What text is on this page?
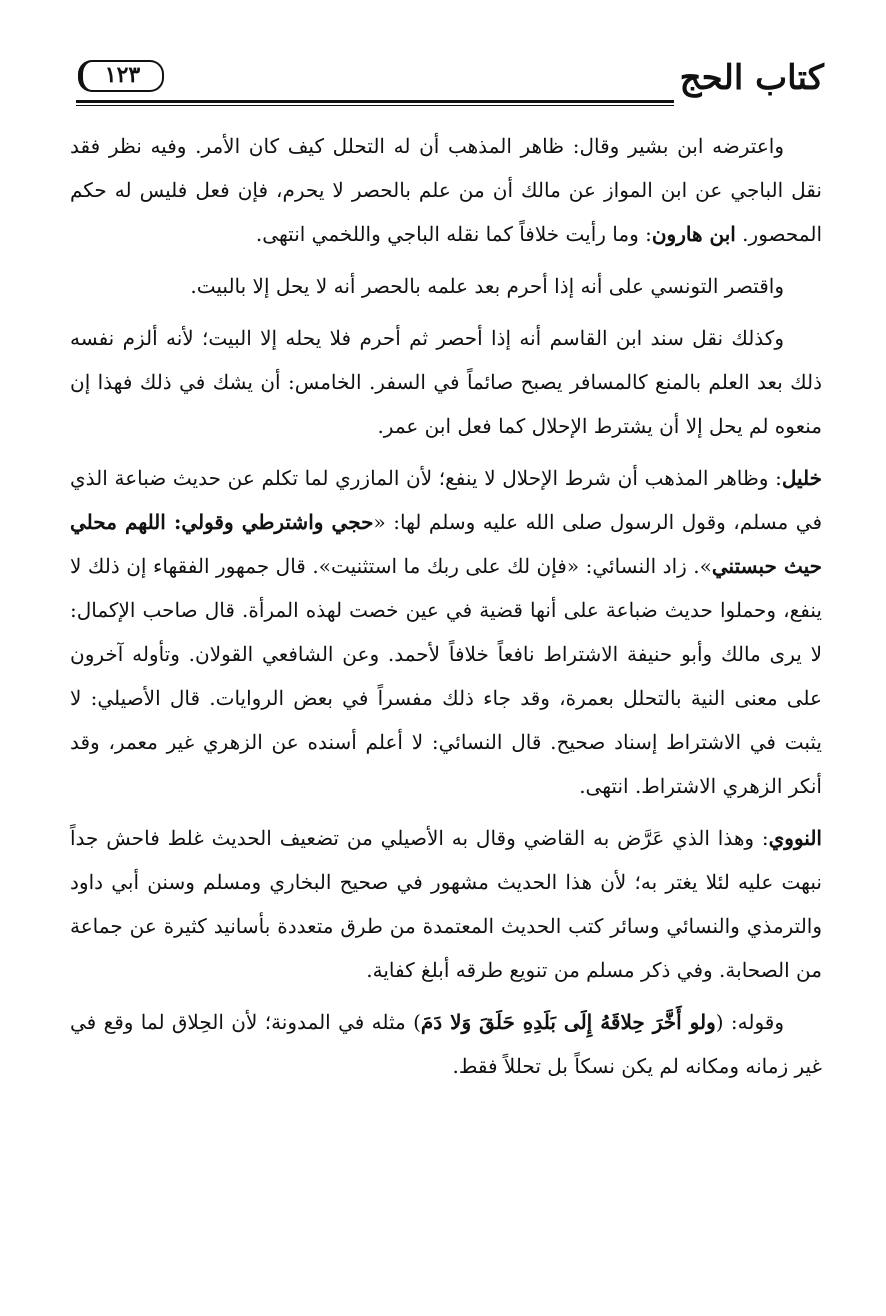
كتاب الحج
١٢٣

واعترضه ابن بشير وقال: ظاهر المذهب أن له التحلل كيف كان الأمر. وفيه نظر فقد نقل الباجي عن ابن المواز عن مالك أن من علم بالحصر لا يحرم، فإن فعل فليس له حكم المحصور. ابن هارون: وما رأيت خلافاً كما نقله الباجي واللخمي انتهى.

واقتصر التونسي على أنه إذا أحرم بعد علمه بالحصر أنه لا يحل إلا بالبيت.

وكذلك نقل سند ابن القاسم أنه إذا أحصر ثم أحرم فلا يحله إلا البيت؛ لأنه ألزم نفسه ذلك بعد العلم بالمنع كالمسافر يصبح صائماً في السفر. الخامس: أن يشك في ذلك فهذا إن منعوه لم يحل إلا أن يشترط الإحلال كما فعل ابن عمر.

خليل: وظاهر المذهب أن شرط الإحلال لا ينفع؛ لأن المازري لما تكلم عن حديث ضباعة الذي في مسلم، وقول الرسول صلى الله عليه وسلم لها: «حجي واشترطي وقولي: اللهم محلي حيث حبستني». زاد النسائي: «فإن لك على ربك ما استثنيت». قال جمهور الفقهاء إن ذلك لا ينفع، وحملوا حديث ضباعة على أنها قضية في عين خصت لهذه المرأة. قال صاحب الإكمال: لا يرى مالك وأبو حنيفة الاشتراط نافعاً خلافاً لأحمد. وعن الشافعي القولان. وتأوله آخرون على معنى النية بالتحلل بعمرة، وقد جاء ذلك مفسراً في بعض الروايات. قال الأصيلي: لا يثبت في الاشتراط إسناد صحيح. قال النسائي: لا أعلم أسنده عن الزهري غير معمر، وقد أنكر الزهري الاشتراط. انتهى.

النووي: وهذا الذي عَرَّض به القاضي وقال به الأصيلي من تضعيف الحديث غلط فاحش جداً نبهت عليه لئلا يغتر به؛ لأن هذا الحديث مشهور في صحيح البخاري ومسلم وسنن أبي داود والترمذي والنسائي وسائر كتب الحديث المعتمدة من طرق متعددة بأسانيد كثيرة عن جماعة من الصحابة. وفي ذكر مسلم من تنويع طرقه أبلغ كفاية.

وقوله: (ولو أَخَّرَ حِلاقَهُ إِلَى بَلَدِهِ حَلَقَ وَلا دَمَ) مثله في المدونة؛ لأن الحِلاق لما وقع في غير زمانه ومكانه لم يكن نسكاً بل تحللاً فقط.
